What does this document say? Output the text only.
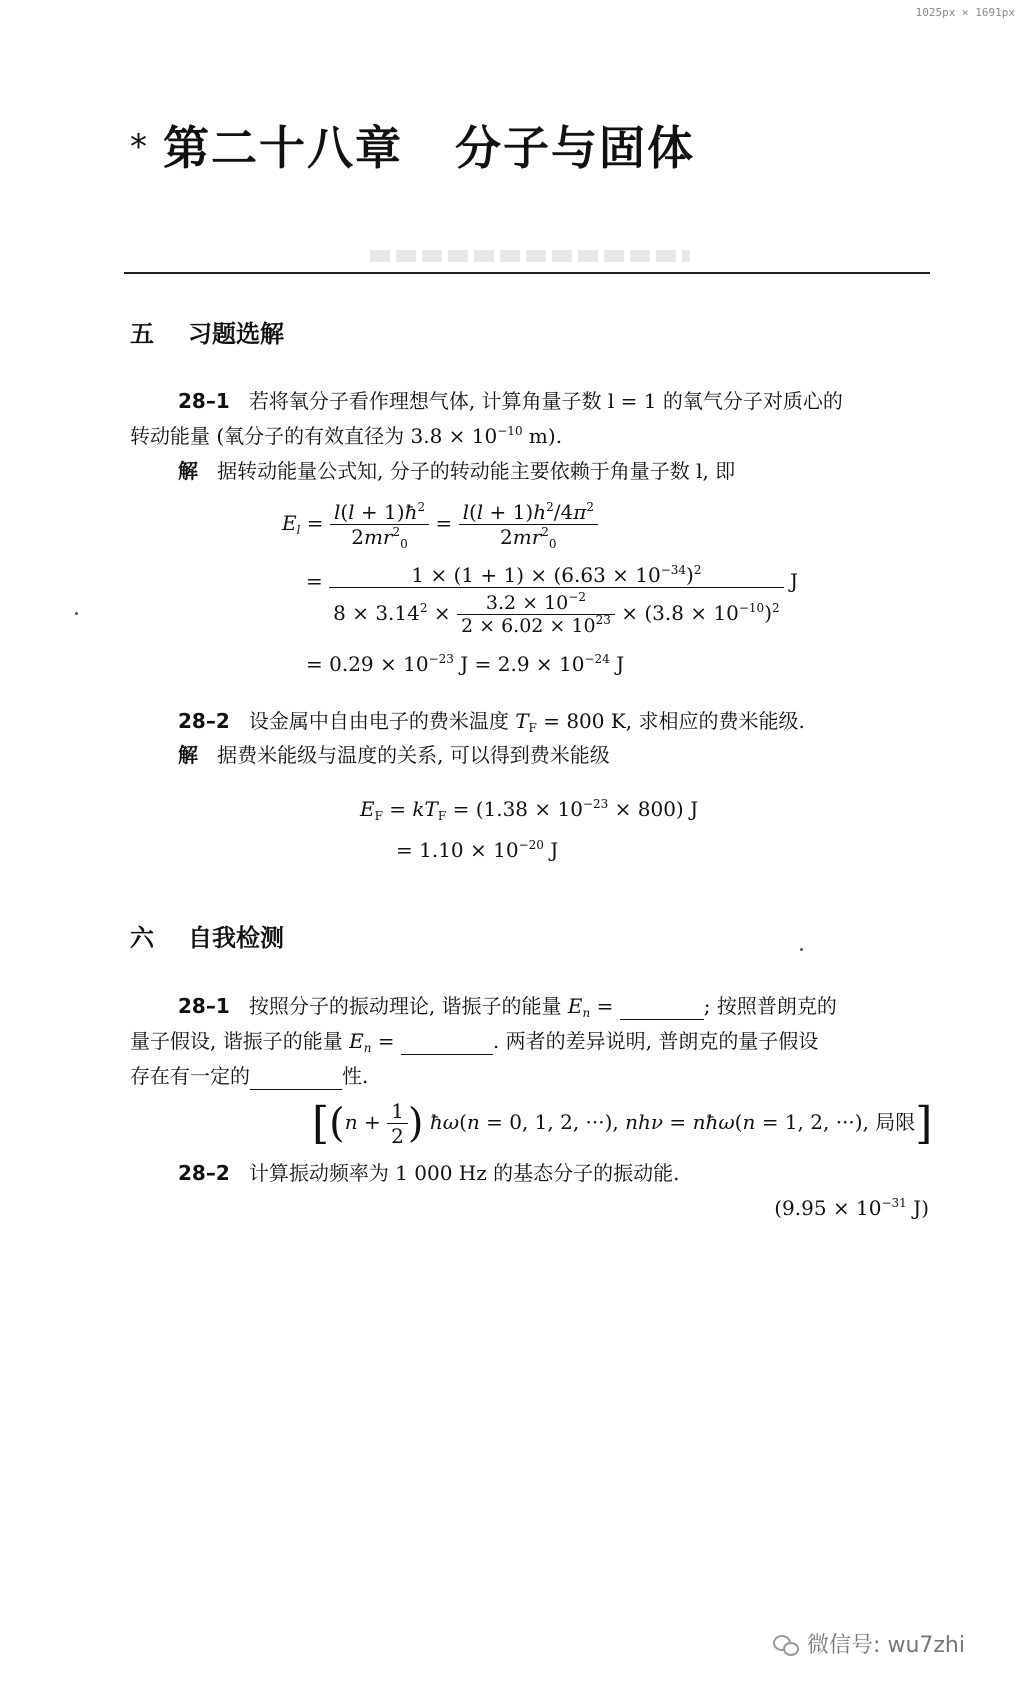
1025px × 1691px
* 第二十八章 分子与固体
五 习题选解
28–1 若将氧分子看作理想气体, 计算角量子数 l = 1 的氧气分子对质心的
转动能量 (氧分子的有效直径为 $3.8 \times 10^{-10}$ m).
解 据转动能量公式知, 分子的转动能主要依赖于角量子数 l, 即
$E_l = \frac{l(l + 1)ħ^2}{2mr^2_0} = \frac{l(l + 1)h^2/4\pi^2}{2mr^2_0}$
=	$1 \times (1 + 1) \times (6.63 \times 10^{-34})^2$
$8 \times 3.14^2 \times \frac{3.2 \times 10^{-2}}{2 \times 6.02 \times 10^{23}} \times (3.8 \times 10^{-10})^2$
J
= $0.29 \times 10^{-23}$ $J = 2.9 \times 10^{-24}$ J
28–2 设金属中自由电子的费米温度 $T_F = 800$ K, 求相应的费米能级.
解 据费米能级与温度的关系, 可以得到费米能级
$E_F = kT_F = (1.38 \times 10^{-23} \times 800)$ J
= $1.10 \times 10^{-20}$ J
六 自我检测
28–1 按照分子的振动理论, 谐振子的能量 $E_n$ =	; 按照普朗克的
量子假设, 谐振子的能量 $E_n$ =	. 两者的差异说明, 普朗克的量子假设
存在有一定的	性.
[($n + \frac{1}{2}$ ) ħω(n = 0, 1, 2, ···), nhν = nħω(n = 1, 2, ···), 局限]
28–2 计算振动频率为 1 000 Hz 的基态分子的振动能.
($9.95 \times 10^{-31}$ J)
微信号: wu7zhi
